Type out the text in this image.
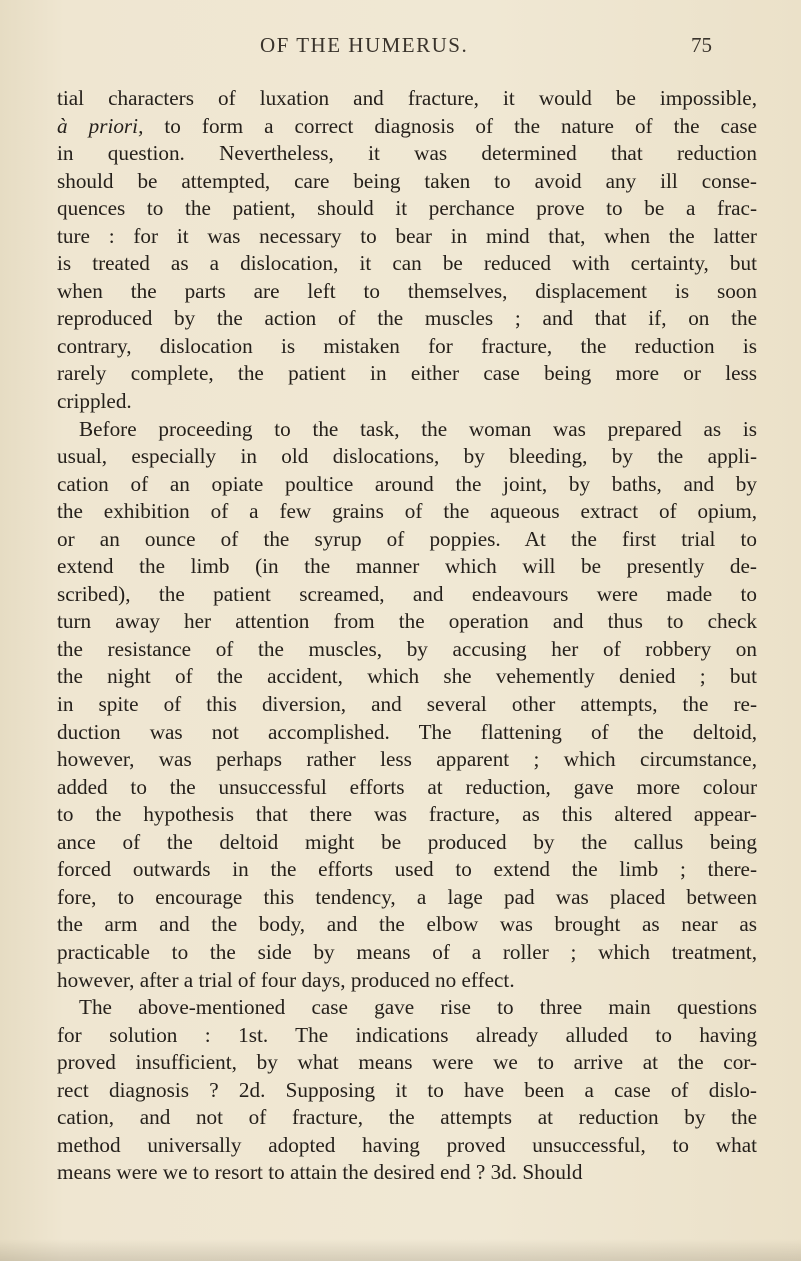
OF THE HUMERUS.	75
tial characters of luxation and fracture, it would be impossible,
à priori, to form a correct diagnosis of the nature of the case
in question. Nevertheless, it was determined that reduction
should be attempted, care being taken to avoid any ill conse-
quences to the patient, should it perchance prove to be a frac-
ture : for it was necessary to bear in mind that, when the latter
is treated as a dislocation, it can be reduced with certainty, but
when the parts are left to themselves, displacement is soon
reproduced by the action of the muscles ; and that if, on the
contrary, dislocation is mistaken for fracture, the reduction is
rarely complete, the patient in either case being more or less
crippled.
Before proceeding to the task, the woman was prepared as is
usual, especially in old dislocations, by bleeding, by the appli-
cation of an opiate poultice around the joint, by baths, and by
the exhibition of a few grains of the aqueous extract of opium,
or an ounce of the syrup of poppies. At the first trial to
extend the limb (in the manner which will be presently de-
scribed), the patient screamed, and endeavours were made to
turn away her attention from the operation and thus to check
the resistance of the muscles, by accusing her of robbery on
the night of the accident, which she vehemently denied ; but
in spite of this diversion, and several other attempts, the re-
duction was not accomplished. The flattening of the deltoid,
however, was perhaps rather less apparent ; which circumstance,
added to the unsuccessful efforts at reduction, gave more colour
to the hypothesis that there was fracture, as this altered appear-
ance of the deltoid might be produced by the callus being
forced outwards in the efforts used to extend the limb ; there-
fore, to encourage this tendency, a lage pad was placed between
the arm and the body, and the elbow was brought as near as
practicable to the side by means of a roller ; which treatment,
however, after a trial of four days, produced no effect.
The above-mentioned case gave rise to three main questions
for solution : 1st. The indications already alluded to having
proved insufficient, by what means were we to arrive at the cor-
rect diagnosis ? 2d. Supposing it to have been a case of dislo-
cation, and not of fracture, the attempts at reduction by the
method universally adopted having proved unsuccessful, to what
means were we to resort to attain the desired end ? 3d. Should
